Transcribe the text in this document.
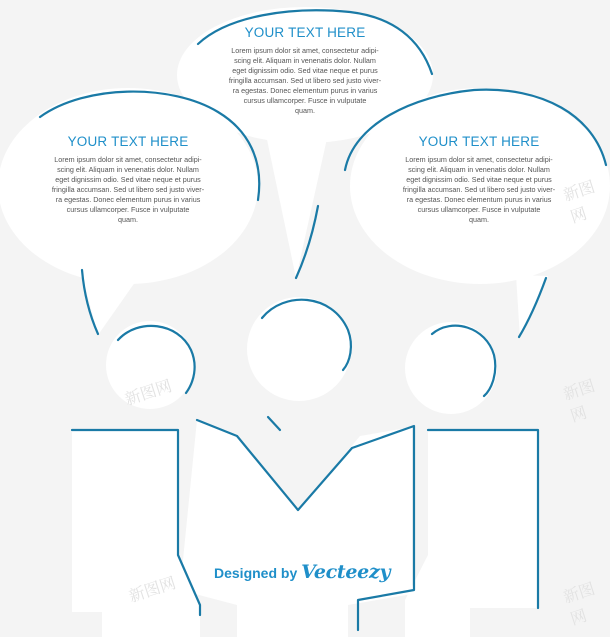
YOUR TEXT HERE
Lorem ipsum dolor sit amet, consectetur adipi-
scing elit. Aliquam in venenatis dolor. Nullam
eget dignissim odio. Sed vitae neque et purus
fringilla accumsan. Sed ut libero sed justo viver-
ra egestas. Donec elementum purus in varius
cursus ullamcorper. Fusce in vulputate
quam.
YOUR TEXT HERE
Lorem ipsum dolor sit amet, consectetur adipi-
scing elit. Aliquam in venenatis dolor. Nullam
eget dignissim odio. Sed vitae neque et purus
fringilla accumsan. Sed ut libero sed justo viver-
ra egestas. Donec elementum purus in varius
cursus ullamcorper. Fusce in vulputate
quam.
YOUR TEXT HERE
Lorem ipsum dolor sit amet, consectetur adipi-
scing elit. Aliquam in venenatis dolor. Nullam
eget dignissim odio. Sed vitae neque et purus
fringilla accumsan. Sed ut libero sed justo viver-
ra egestas. Donec elementum purus in varius
cursus ullamcorper. Fusce in vulputate
quam.
Designed by Vecteezy
新图网
新图网	新图网
新图网	新图网
